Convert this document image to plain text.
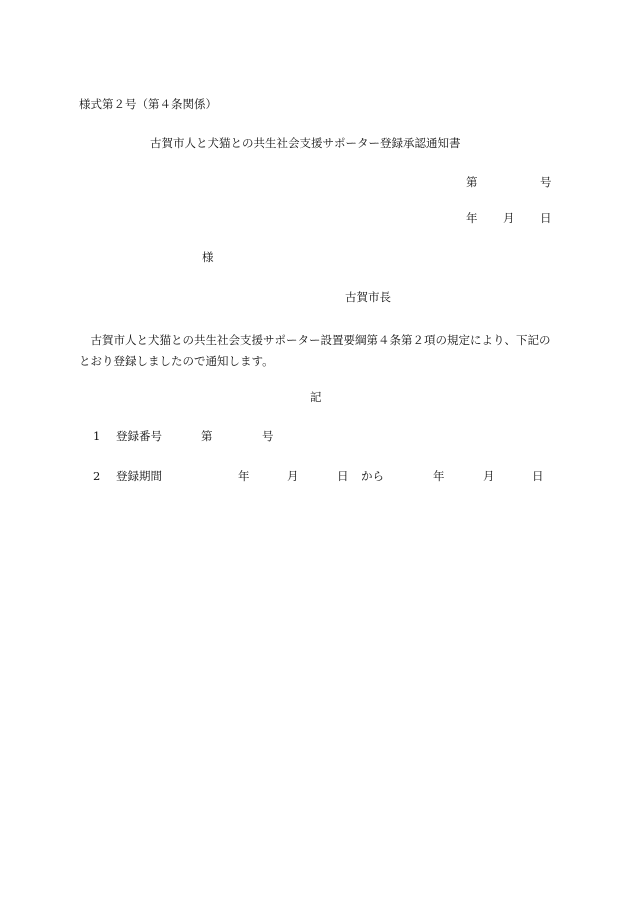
様式第２号（第４条関係）
古賀市人と犬猫との共生社会支援サポーター登録承認通知書
第	号
年 月 日
様
古賀市長
古賀市人と犬猫との共生社会支援サポーター設置要綱第４条第２項の規定により、下記のとおり登録しましたので通知します。
記
1 登録番号	第	号
2 登録期間	年	月	日 から	年	月	日
